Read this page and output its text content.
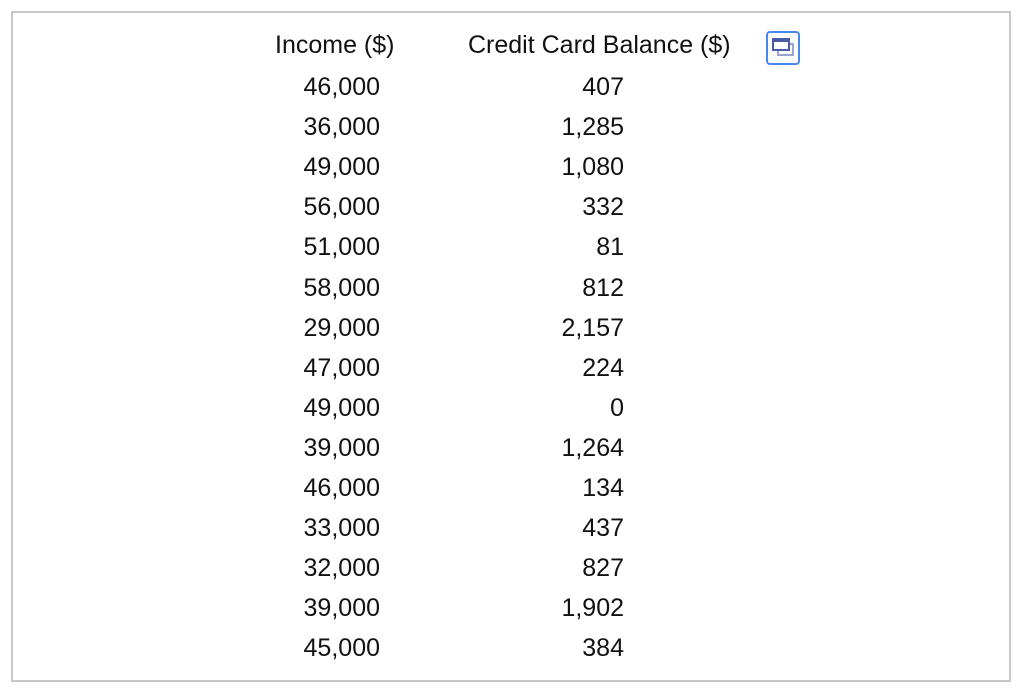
Income ($)	Credit Card Balance ($)
46,000	407
36,000	1,285
49,000	1,080
56,000	332
51,000	81
58,000	812
29,000	2,157
47,000	224
49,000	0
39,000	1,264
46,000	134
33,000	437
32,000	827
39,000	1,902
45,000	384
